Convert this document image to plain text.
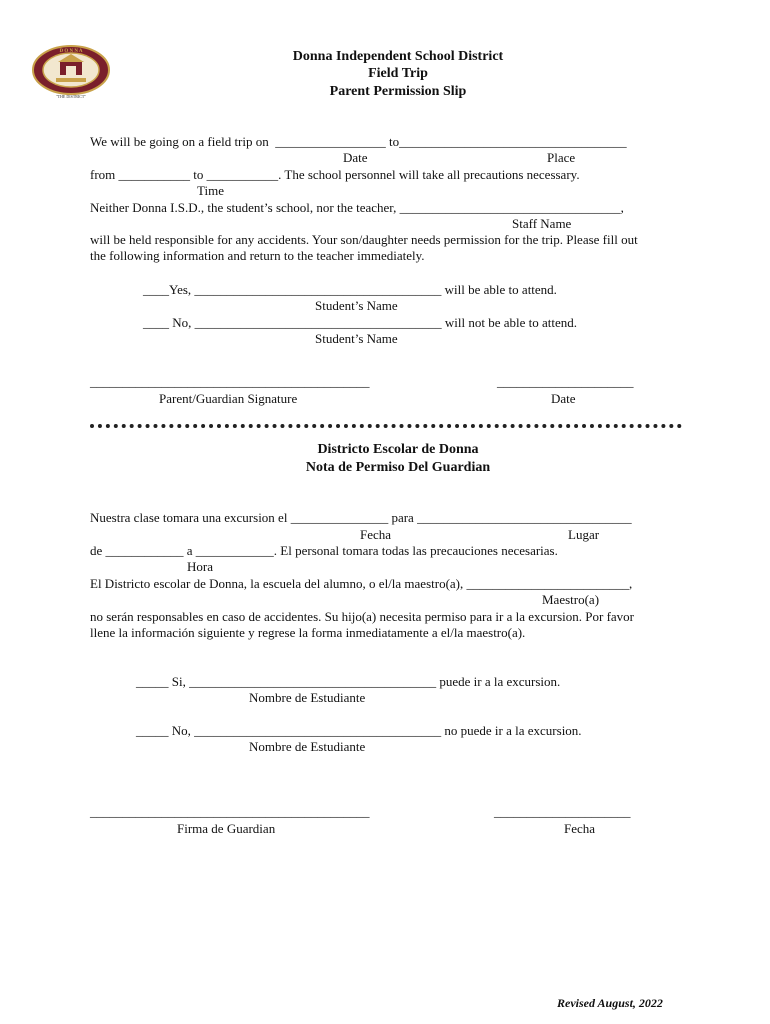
D O N N A
"THE DISTRICT"
Donna Independent School District
Field Trip
Parent Permission Slip
We will be going on a field trip on  _________________ to___________________________________
Date	Place
from ___________ to ___________. The school personnel will take all precautions necessary.
Time
Neither Donna I.S.D., the student’s school, nor the teacher, __________________________________,
Staff Name
will be held responsible for any accidents. Your son/daughter needs permission for the trip. Please fill out
the following information and return to the teacher immediately.
____Yes, ______________________________________ will be able to attend.
Student’s Name
____ No, ______________________________________ will not be able to attend.
Student’s Name
___________________________________________
Parent/Guardian Signature
_____________________
Date
Districto Escolar de Donna
Nota de Permiso Del Guardian
Nuestra clase tomara una excursion el _______________ para _________________________________
Fecha	Lugar
de ____________ a ____________. El personal tomara todas las precauciones necesarias.
Hora
El Districto escolar de Donna, la escuela del alumno, o el/la maestro(a), _________________________,
Maestro(a)
no serán responsables en caso de accidentes. Su hijo(a) necesita permiso para ir a la excursion. Por favor
llene la información siguiente y regrese la forma inmediatamente a el/la maestro(a).
_____ Si, ______________________________________ puede ir a la excursion.
Nombre de Estudiante
_____ No, ______________________________________ no puede ir a la excursion.
Nombre de Estudiante
___________________________________________
Firma de Guardian
_____________________
Fecha
Revised August, 2022
